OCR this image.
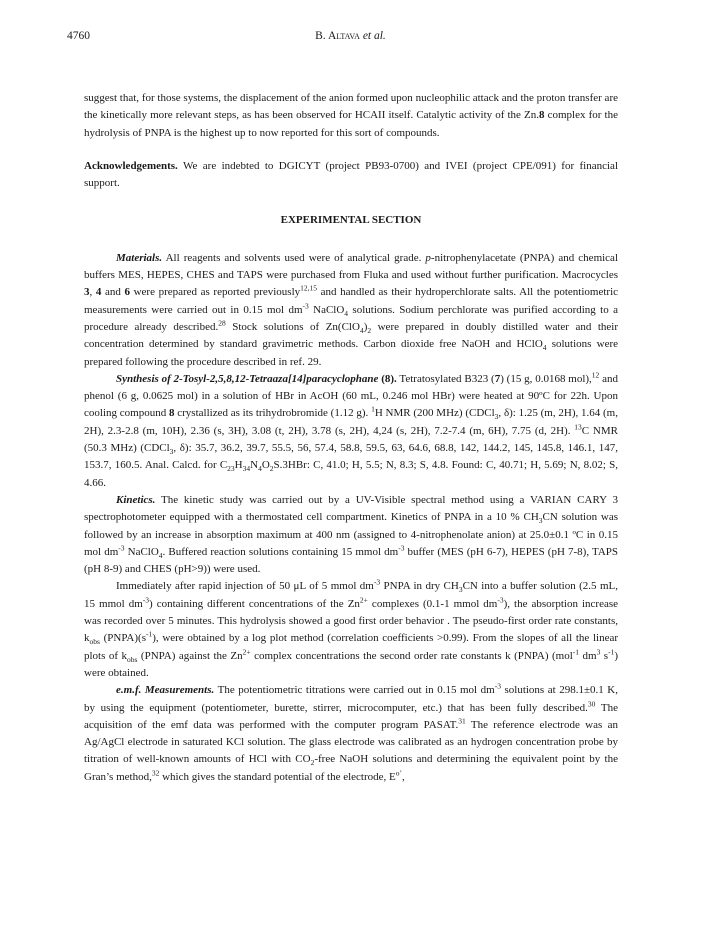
4760	B. Altava et al.

suggest that, for those systems, the displacement of the anion formed upon nucleophilic attack and the proton transfer are the kinetically more relevant steps, as has been observed for HCAII itself. Catalytic activity of the Zn.8 complex for the hydrolysis of PNPA is the highest up to now reported for this sort of compounds.

Acknowledgements. We are indebted to DGICYT (project PB93-0700) and IVEI (project CPE/091) for financial support.

EXPERIMENTAL SECTION

Materials. All reagents and solvents used were of analytical grade. p-nitrophenylacetate (PNPA) and chemical buffers MES, HEPES, CHES and TAPS were purchased from Fluka and used without further purification. Macrocycles 3, 4 and 6 were prepared as reported previously$^{12,15}$ and handled as their hydroperchlorate salts. All the potentiometric measurements were carried out in 0.15 mol $dm^{-3}$ NaClO$_4$ solutions. Sodium perchlorate was purified according to a procedure already described.$^{28}$ Stock solutions of $Zn(ClO_4)_2$ were prepared in doubly distilled water and their concentration determined by standard gravimetric methods. Carbon dioxide free NaOH and HClO$_4$ solutions were prepared following the procedure described in ref. 29.

Synthesis of 2-Tosyl-2,5,8,12-Tetraaza[14]paracyclophane (8). Tetratosylated B323 (7) (15 g, 0.0168 mol),$^{12}$ and phenol (6 g, 0.0625 mol) in a solution of HBr in AcOH (60 mL, 0.246 mol HBr) were heated at 90ºC for 22h. Upon cooling compound 8 crystallized as its trihydrobromide (1.12 g). $^1$H NMR (200 MHz) (CDCl$_3$, δ): 1.25 (m, 2H), 1.64 (m, 2H), 2.3-2.8 (m, 10H), 2.36 (s, 3H), 3.08 (t, 2H), 3.78 (s, 2H), 4,24 (s, 2H), 7.2-7.4 (m, 6H), 7.75 (d, 2H). $^{13}$C NMR (50.3 MHz) (CDCl$_3$, δ): 35.7, 36.2, 39.7, 55.5, 56, 57.4, 58.8, 59.5, 63, 64.6, 68.8, 142, 144.2, 145, 145.8, 146.1, 147, 153.7, 160.5. Anal. Calcd. for $C_{23}H_{34}N_4O_2S.3HBr$: C, 41.0; H, 5.5; N, 8.3; S, 4.8. Found: C, 40.71; H, 5.69; N, 8.02; S, 4.66.

Kinetics. The kinetic study was carried out by a UV-Visible spectral method using a VARIAN CARY 3 spectrophotometer equipped with a thermostated cell compartment. Kinetics of PNPA in a 10 % $CH_3CN$ solution was followed by an increase in absorption maximum at 400 nm (assigned to 4-nitrophenolate anion) at 25.0±0.1 ºC in 0.15 mol $dm^{-3}$ NaClO$_4$. Buffered reaction solutions containing 15 mmol $dm^{-3}$ buffer (MES (pH 6-7), HEPES (pH 7-8), TAPS (pH 8-9) and CHES (pH>9)) were used.

Immediately after rapid injection of 50 μL of 5 mmol $dm^{-3}$ PNPA in dry $CH_3CN$ into a buffer solution (2.5 mL, 15 mmol $dm^{-3}$) containing different concentrations of the $Zn^{2+}$ complexes (0.1-1 mmol $dm^{-3}$), the absorption increase was recorded over 5 minutes. This hydrolysis showed a good first order behavior . The pseudo-first order rate constants, $k_{obs}$ $(PNPA)(s^{-1})$, were obtained by a log plot method (correlation coefficients >0.99). From the slopes of all the linear plots of $k_{obs}$ (PNPA) against the $Zn^{2+}$ complex concentrations the second order rate constants k (PNPA) (mol$^{-1}$ $dm^3$ $s^{-1}$) were obtained.

e.m.f. Measurements. The potentiometric titrations were carried out in 0.15 mol $dm^{-3}$ solutions at 298.1±0.1 K, by using the equipment (potentiometer, burette, stirrer, microcomputer, etc.) that has been fully described.$^{30}$ The acquisition of the emf data was performed with the computer program PASAT.$^{31}$ The reference electrode was an Ag/AgCl electrode in saturated KCl solution. The glass electrode was calibrated as an hydrogen concentration probe by titration of well-known amounts of HCl with $CO_2$-free NaOH solutions and determining the equivalent point by the Gran’s method,$^{32}$ which gives the standard potential of the electrode, $E^{o’}$,
